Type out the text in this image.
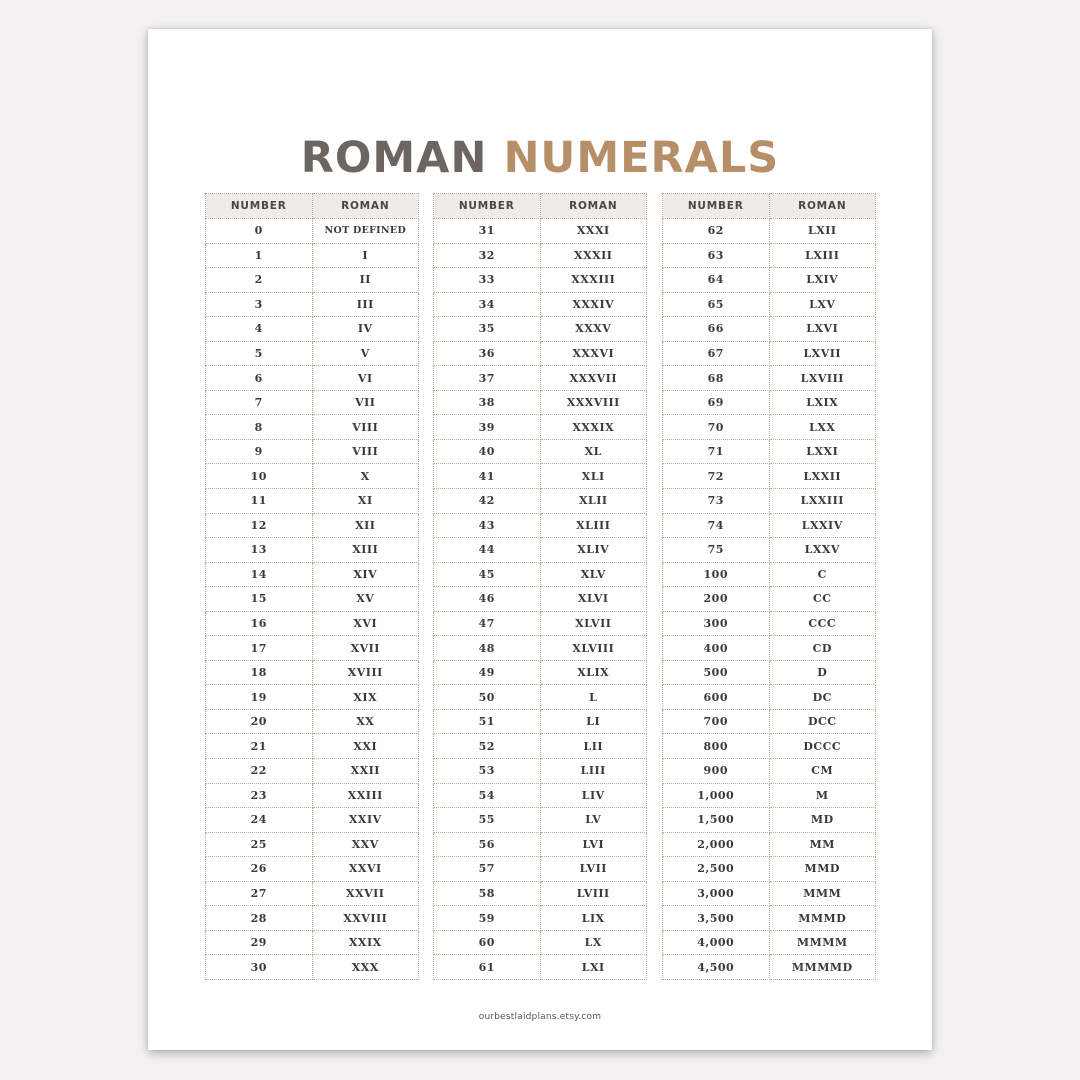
ROMAN NUMERALS
NUMBER	ROMAN
0	NOT DEFINED
1	I
2	II
3	III
4	IV
5	V
6	VI
7	VII
8	VIII
9	VIII
10	X
11	XI
12	XII
13	XIII
14	XIV
15	XV
16	XVI
17	XVII
18	XVIII
19	XIX
20	XX
21	XXI
22	XXII
23	XXIII
24	XXIV
25	XXV
26	XXVI
27	XXVII
28	XXVIII
29	XXIX
30	XXX
NUMBER	ROMAN
31	XXXI
32	XXXII
33	XXXIII
34	XXXIV
35	XXXV
36	XXXVI
37	XXXVII
38	XXXVIII
39	XXXIX
40	XL
41	XLI
42	XLII
43	XLIII
44	XLIV
45	XLV
46	XLVI
47	XLVII
48	XLVIII
49	XLIX
50	L
51	LI
52	LII
53	LIII
54	LIV
55	LV
56	LVI
57	LVII
58	LVIII
59	LIX
60	LX
61	LXI
NUMBER	ROMAN
62	LXII
63	LXIII
64	LXIV
65	LXV
66	LXVI
67	LXVII
68	LXVIII
69	LXIX
70	LXX
71	LXXI
72	LXXII
73	LXXIII
74	LXXIV
75	LXXV
100	C
200	CC
300	CCC
400	CD
500	D
600	DC
700	DCC
800	DCCC
900	CM
1,000	M
1,500	MD
2,000	MM
2,500	MMD
3,000	MMM
3,500	MMMD
4,000	MMMM
4,500	MMMMD
ourbestlaidplans.etsy.com
